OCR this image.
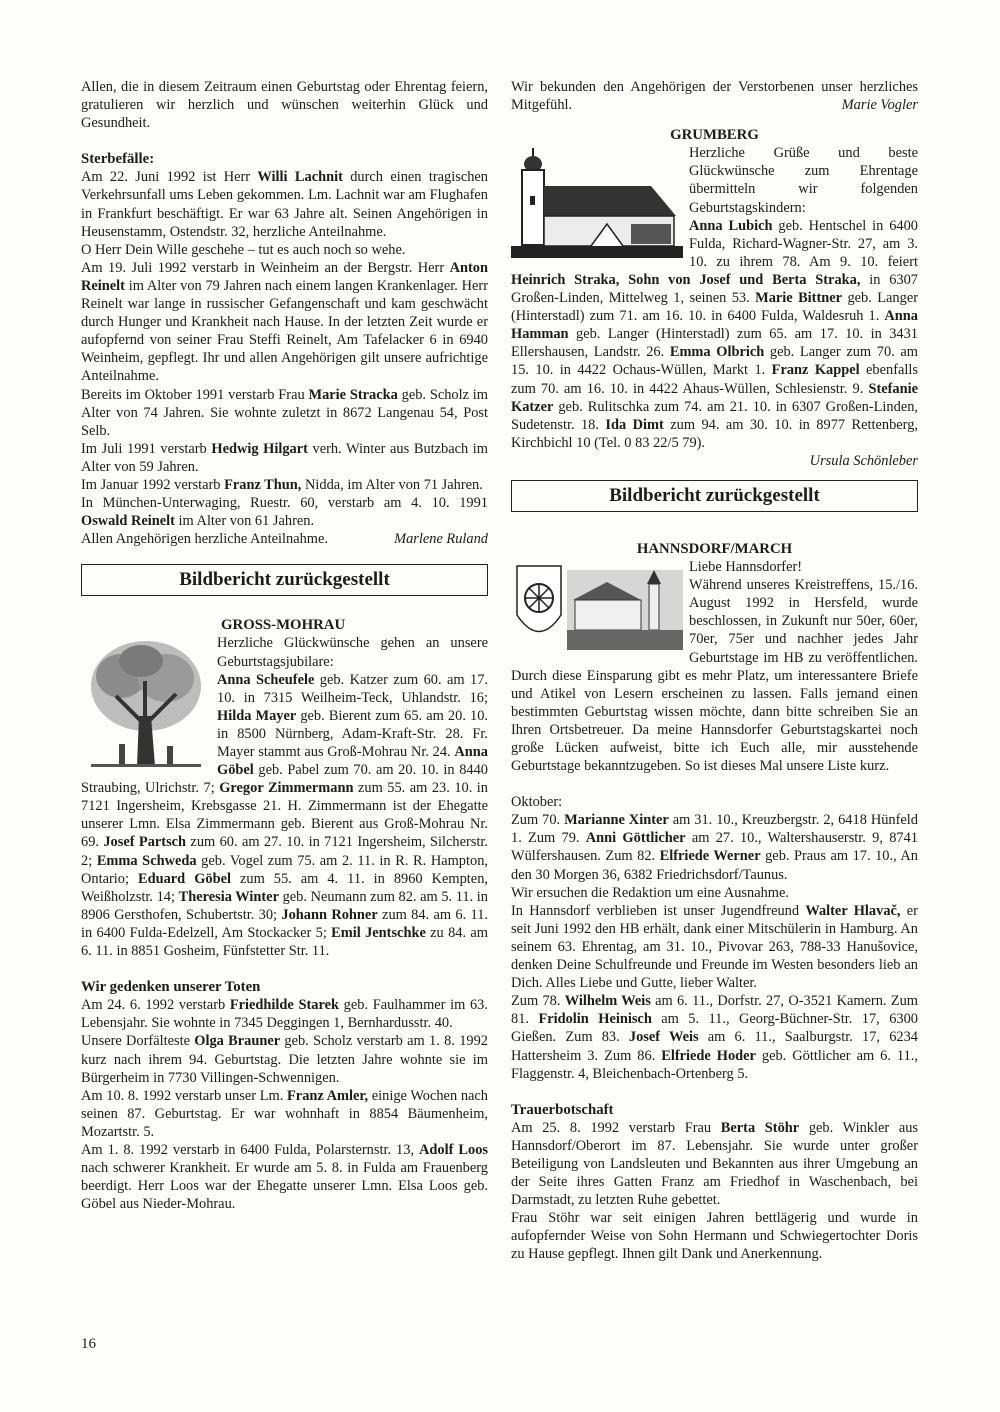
Allen, die in diesem Zeitraum einen Geburtstag oder Ehrentag feiern, gratulieren wir herzlich und wünschen weiterhin Glück und Gesundheit.

Sterbefälle:

Am 22. Juni 1992 ist Herr Willi Lachnit durch einen tragischen Verkehrsunfall ums Leben gekommen. Lm. Lachnit war am Flughafen in Frankfurt beschäftigt. Er war 63 Jahre alt. Seinen Angehörigen in Heusenstamm, Ostendstr. 32, herzliche Anteilnahme.

O Herr Dein Wille geschehe – tut es auch noch so wehe.

Am 19. Juli 1992 verstarb in Weinheim an der Bergstr. Herr Anton Reinelt im Alter von 79 Jahren nach einem langen Krankenlager. Herr Reinelt war lange in russischer Gefangenschaft und kam geschwächt durch Hunger und Krankheit nach Hause. In der letzten Zeit wurde er aufopfernd von seiner Frau Steffi Reinelt, Am Tafelacker 6 in 6940 Weinheim, gepflegt. Ihr und allen Angehörigen gilt unsere aufrichtige Anteilnahme.

Bereits im Oktober 1991 verstarb Frau Marie Stracka geb. Scholz im Alter von 74 Jahren. Sie wohnte zuletzt in 8672 Langenau 54, Post Selb.

Im Juli 1991 verstarb Hedwig Hilgart verh. Winter aus Butzbach im Alter von 59 Jahren.

Im Januar 1992 verstarb Franz Thun, Nidda, im Alter von 71 Jahren.

In München-Unterwaging, Ruestr. 60, verstarb am 4. 10. 1991 Oswald Reinelt im Alter von 61 Jahren.

Allen Angehörigen herzliche Anteilnahme.	Marlene Ruland

Bildbericht zurückgestellt

GROSS-MOHRAU

Herzliche Glückwünsche gehen an unsere Geburtstagsjubilare:
Anna Scheufele geb. Katzer zum 60. am 17. 10. in 7315 Weilheim-Teck, Uhlandstr. 16; Hilda Mayer geb. Bierent zum 65. am 20. 10. in 8500 Nürnberg, Adam-Kraft-Str. 28. Fr. Mayer stammt aus Groß-Mohrau Nr. 24. Anna Göbel geb. Pabel zum 70. am 20. 10. in 8440 Straubing, Ulrichstr. 7; Gregor Zimmermann zum 55. am 23. 10. in 7121 Ingersheim, Krebsgasse 21. H. Zimmermann ist der Ehegatte unserer Lmn. Elsa Zimmermann geb. Bierent aus Groß-Mohrau Nr. 69. Josef Partsch zum 60. am 27. 10. in 7121 Ingersheim, Silcherstr. 2; Emma Schweda geb. Vogel zum 75. am 2. 11. in R. R. Hampton, Ontario; Eduard Göbel zum 55. am 4. 11. in 8960 Kempten, Weißholzstr. 14; Theresia Winter geb. Neumann zum 82. am 5. 11. in 8906 Gersthofen, Schubertstr. 30; Johann Rohner zum 84. am 6. 11. in 6400 Fulda-Edelzell, Am Stockacker 5; Emil Jentschke zu 84. am 6. 11. in 8851 Gosheim, Fünfstetter Str. 11.

Wir gedenken unserer Toten

Am 24. 6. 1992 verstarb Friedhilde Starek geb. Faulhammer im 63. Lebensjahr. Sie wohnte in 7345 Deggingen 1, Bernhardusstr. 40.

Unsere Dorfälteste Olga Brauner geb. Scholz verstarb am 1. 8. 1992 kurz nach ihrem 94. Geburtstag. Die letzten Jahre wohnte sie im Bürgerheim in 7730 Villingen-Schwennigen.

Am 10. 8. 1992 verstarb unser Lm. Franz Amler, einige Wochen nach seinen 87. Geburtstag. Er war wohnhaft in 8854 Bäumenheim, Mozartstr. 5.

Am 1. 8. 1992 verstarb in 6400 Fulda, Polarsternstr. 13, Adolf Loos nach schwerer Krankheit. Er wurde am 5. 8. in Fulda am Frauenberg beerdigt. Herr Loos war der Ehegatte unserer Lmn. Elsa Loos geb. Göbel aus Nieder-Mohrau.

Wir bekunden den Angehörigen der Verstorbenen unser herzliches Mitgefühl.	Marie Vogler

GRUMBERG

Herzliche Grüße und beste Glückwünsche zum Ehrentage übermitteln wir folgenden Geburtstagskindern:
Anna Lubich geb. Hentschel in 6400 Fulda, Richard-Wagner-Str. 27, am 3. 10. zu ihrem 78. Am 9. 10. feiert Heinrich Straka, Sohn von Josef und Berta Straka, in 6307 Großen-Linden, Mittelweg 1, seinen 53. Marie Bittner geb. Langer (Hinterstadl) zum 71. am 16. 10. in 6400 Fulda, Waldesruh 1. Anna Hamman geb. Langer (Hinterstadl) zum 65. am 17. 10. in 3431 Ellershausen, Landstr. 26. Emma Olbrich geb. Langer zum 70. am 15. 10. in 4422 Ochaus-Wüllen, Markt 1. Franz Kappel ebenfalls zum 70. am 16. 10. in 4422 Ahaus-Wüllen, Schlesienstr. 9. Stefanie Katzer geb. Rulitschka zum 74. am 21. 10. in 6307 Großen-Linden, Sudetenstr. 18. Ida Dimt zum 94. am 30. 10. in 8977 Rettenberg, Kirchbichl 10 (Tel. 0 83 22/5 79).

Ursula Schönleber

Bildbericht zurückgestellt

HANNSDORF/MARCH

Liebe Hannsdorfer!
Während unseres Kreistreffens, 15./16. August 1992 in Hersfeld, wurde beschlossen, in Zukunft nur 50er, 60er, 70er, 75er und nachher jedes Jahr Geburtstage im HB zu veröffentlichen. Durch diese Einsparung gibt es mehr Platz, um interessantere Briefe und Atikel von Lesern erscheinen zu lassen. Falls jemand einen bestimmten Geburtstag wissen möchte, dann bitte schreiben Sie an Ihren Ortsbetreuer. Da meine Hannsdorfer Geburtstagskartei noch große Lücken aufweist, bitte ich Euch alle, mir ausstehende Geburtstage bekanntzugeben. So ist dieses Mal unsere Liste kurz.

Oktober:

Zum 70. Marianne Xinter am 31. 10., Kreuzbergstr. 2, 6418 Hünfeld 1. Zum 79. Anni Göttlicher am 27. 10., Waltershauserstr. 9, 8741 Wülfershausen. Zum 82. Elfriede Werner geb. Praus am 17. 10., An den 30 Morgen 36, 6382 Friedrichsdorf/Taunus.

Wir ersuchen die Redaktion um eine Ausnahme.

In Hannsdorf verblieben ist unser Jugendfreund Walter Hlavač, er seit Juni 1992 den HB erhält, dank einer Mitschülerin in Hamburg. An seinem 63. Ehrentag, am 31. 10., Pivovar 263, 788-33 Hanušovice, denken Deine Schulfreunde und Freunde im Westen besonders lieb an Dich. Alles Liebe und Gutte, lieber Walter.

Zum 78. Wilhelm Weis am 6. 11., Dorfstr. 27, O-3521 Kamern. Zum 81. Fridolin Heinisch am 5. 11., Georg-Büchner-Str. 17, 6300 Gießen. Zum 83. Josef Weis am 6. 11., Saalburgstr. 17, 6234 Hattersheim 3. Zum 86. Elfriede Hoder geb. Göttlicher am 6. 11., Flaggenstr. 4, Bleichenbach-Ortenberg 5.

Trauerbotschaft

Am 25. 8. 1992 verstarb Frau Berta Stöhr geb. Winkler aus Hannsdorf/Oberort im 87. Lebensjahr. Sie wurde unter großer Beteiligung von Landsleuten und Bekannten aus ihrer Umgebung an der Seite ihres Gatten Franz am Friedhof in Waschenbach, bei Darmstadt, zu letzten Ruhe gebettet.

Frau Stöhr war seit einigen Jahren bettlägerig und wurde in aufopfernder Weise von Sohn Hermann und Schwiegertochter Doris zu Hause gepflegt. Ihnen gilt Dank und Anerkennung.

16
